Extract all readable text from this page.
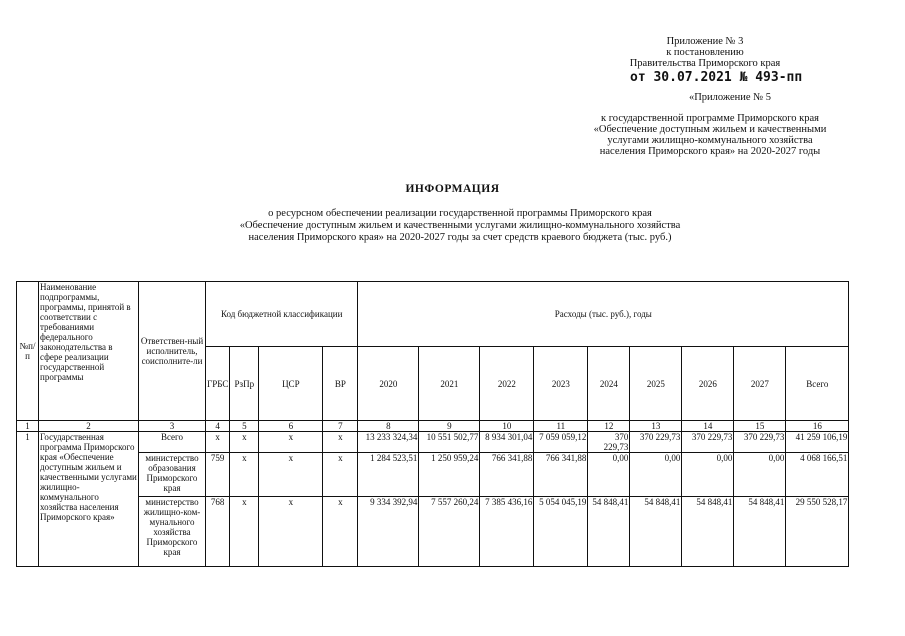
Приложение № 3
к постановлению
Правительства Приморского края
от 30.07.2021 № 493-пп
«Приложение № 5
к государственной программе Приморского края
«Обеспечение доступным жильем и качественными
услугами жилищно-коммунального хозяйства
населения Приморского края» на 2020-2027 годы
ИНФОРМАЦИЯ
о ресурсном обеспечении реализации государственной программы Приморского края
«Обеспечение доступным жильем и качественными услугами жилищно-коммунального хозяйства
населения Приморского края» на 2020-2027 годы за счет средств краевого бюджета (тыс. руб.)
№п/п	Наименование подпрограммы, программы, принятой в соответствии с требованиями федерального законодательства в сфере реализации государственной программы	Ответствен-ный исполнитель, соисполните-ли	Код бюджетной классификации				Расходы (тыс. руб.), годы								
			ГРБС	РзПр	ЦСР	ВР	2020	2021	2022	2023	2024	2025	2026	2027	Всего
1	2	3	4	5	6	7	8	9	10	11	12	13	14	15	16
1	Государственная программа Приморского края «Обеспечение доступным жильем и качественными услугами жилищно-коммунального хозяйства населения Приморского края»	Всего	х	х	х	х	13 233 324,34	10 551 502,77	8 934 301,04	7 059 059,12	370 229,73	370 229,73	370 229,73	370 229,73	41 259 106,19
		министерство образования Приморского края	759	х	х	х	1 284 523,51	1 250 959,24	766 341,88	766 341,88	0,00	0,00	0,00	0,00	4 068 166,51
		министерство жилищно-ком-мунального хозяйства Приморского края	768	х	х	х	9 334 392,94	7 557 260,24	7 385 436,16	5 054 045,19	54 848,41	54 848,41	54 848,41	54 848,41	29 550 528,17
